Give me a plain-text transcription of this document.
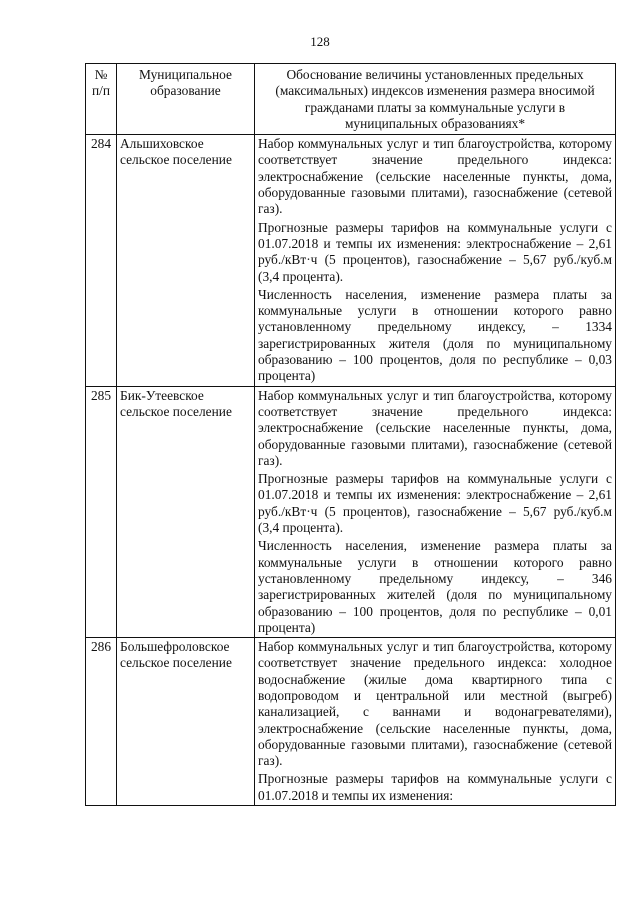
128
№ п/п	Муниципальное образование	Обоснование величины установленных предельных (максимальных) индексов изменения размера вносимой гражданами платы за коммунальные услуги в муниципальных образованиях*
284	Альшиховское сельское поселение	Набор коммунальных услуг и тип благоустройства, которому соответствует значение предельного индекса: электроснабжение (сельские населенные пункты, дома, оборудованные газовыми плитами), газоснабжение (сетевой газ).
Прогнозные размеры тарифов на коммунальные услуги с 01.07.2018 и темпы их изменения: электроснабжение – 2,61 руб./кВт·ч (5 процентов), газоснабжение – 5,67 руб./куб.м (3,4 процента).
Численность населения, изменение размера платы за коммунальные услуги в отношении которого равно установленному предельному индексу, – 1334 зарегистрированных жителя (доля по муниципальному образованию – 100 процентов, доля по республике – 0,03 процента)

285	Бик-Утеевское сельское поселение	Набор коммунальных услуг и тип благоустройства, которому соответствует значение предельного индекса: электроснабжение (сельские населенные пункты, дома, оборудованные газовыми плитами), газоснабжение (сетевой газ).
Прогнозные размеры тарифов на коммунальные услуги с 01.07.2018 и темпы их изменения: электроснабжение – 2,61 руб./кВт·ч (5 процентов), газоснабжение – 5,67 руб./куб.м (3,4 процента).
Численность населения, изменение размера платы за коммунальные услуги в отношении которого равно установленному предельному индексу, – 346 зарегистрированных жителей (доля по муниципальному образованию – 100 процентов, доля по республике – 0,01 процента)

286	Большефроловское сельское поселение	Набор коммунальных услуг и тип благоустройства, которому соответствует значение предельного индекса: холодное водоснабжение (жилые дома квартирного типа с водопроводом и центральной или местной (выгреб) канализацией, с ваннами и водонагревателями), электроснабжение (сельские населенные пункты, дома, оборудованные газовыми плитами), газоснабжение (сетевой газ).
Прогнозные размеры тарифов на коммунальные услуги с 01.07.2018 и темпы их изменения:
